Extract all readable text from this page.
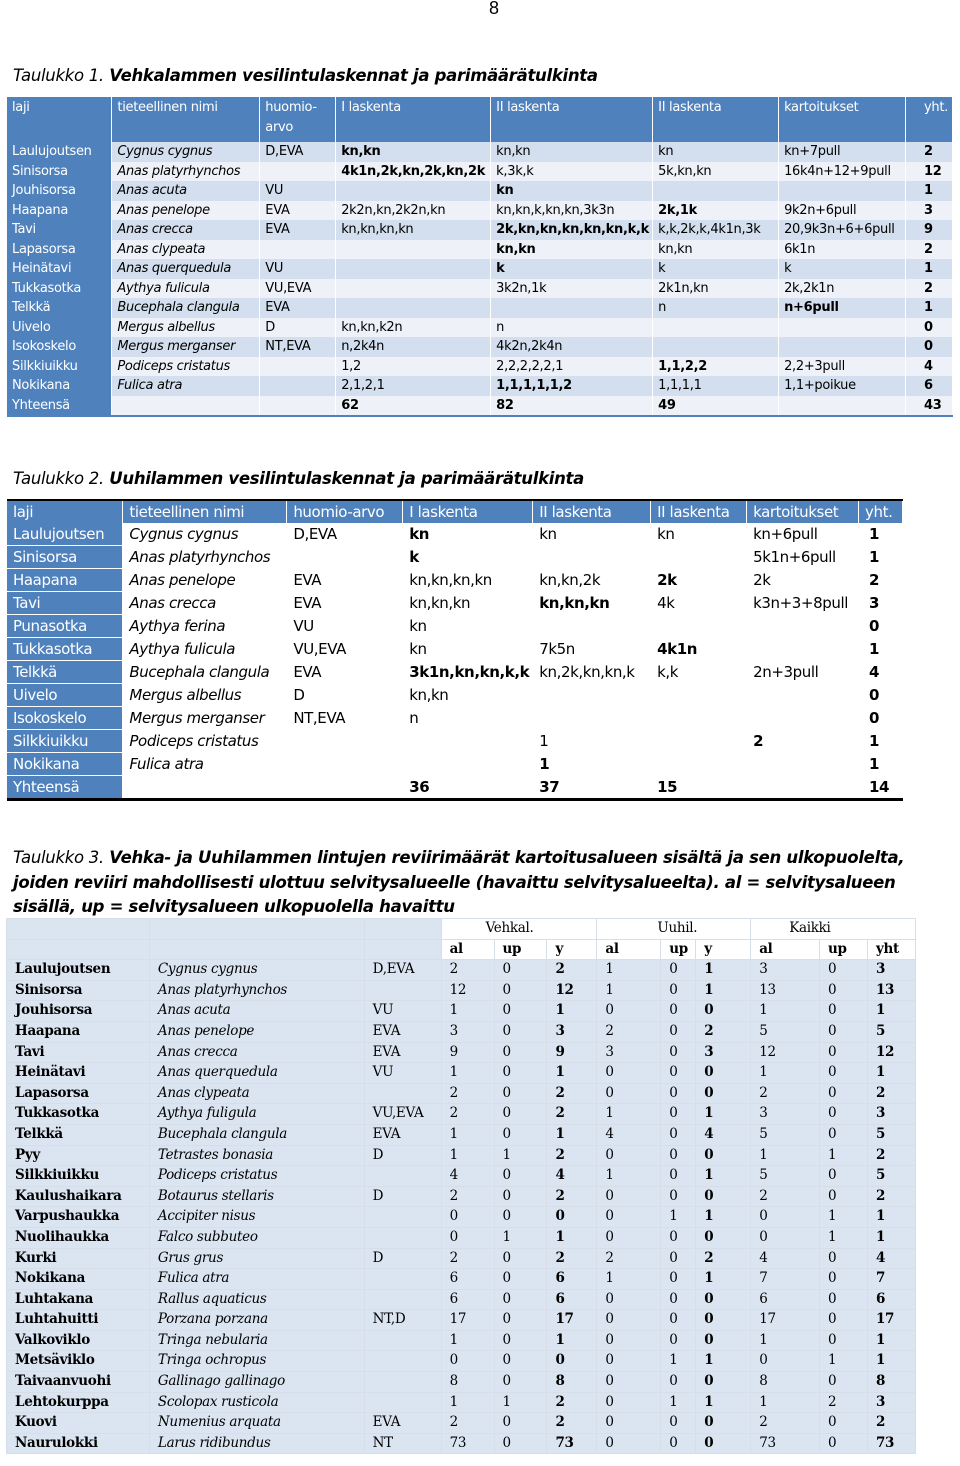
8
Taulukko 1. Vehkalammen vesilintulaskennat ja parimäärätulkinta
laji	tieteellinen nimi	huomio-arvo	I laskenta	II laskenta	II laskenta	kartoitukset	yht.
Laulujoutsen	Cygnus cygnus	D,EVA	kn,kn	kn,kn	kn	kn+7pull	2
Sinisorsa	Anas platyrhynchos		4k1n,2k,kn,2k,kn,2k	k,3k,k	5k,kn,kn	16k4n+12+9pull	12
Jouhisorsa	Anas acuta	VU		kn			1
Haapana	Anas penelope	EVA	2k2n,kn,2k2n,kn	kn,kn,k,kn,kn,3k3n	2k,1k	9k2n+6pull	3
Tavi	Anas crecca	EVA	kn,kn,kn,kn	2k,kn,kn,kn,kn,kn,k,k	k,k,2k,k,4k1n,3k	20,9k3n+6+6pull	9
Lapasorsa	Anas clypeata			kn,kn	kn,kn	6k1n	2
Heinätavi	Anas querquedula	VU		k	k	k	1
Tukkasotka	Aythya fulicula	VU,EVA		3k2n,1k	2k1n,kn	2k,2k1n	2
Telkkä	Bucephala clangula	EVA			n	n+6pull	1
Uivelo	Mergus albellus	D	kn,kn,k2n	n			0
Isokoskelo	Mergus merganser	NT,EVA	n,2k4n	4k2n,2k4n			0
Silkkiuikku	Podiceps cristatus		1,2	2,2,2,2,2,1	1,1,2,2	2,2+3pull	4
Nokikana	Fulica atra		2,1,2,1	1,1,1,1,1,2	1,1,1,1	1,1+poikue	6
Yhteensä			62	82	49		43
Taulukko 2. Uuhilammen vesilintulaskennat ja parimäärätulkinta
laji	tieteellinen nimi	huomio-arvo	I laskenta	II laskenta	II laskenta	kartoitukset	yht.
Laulujoutsen	Cygnus cygnus	D,EVA	kn	kn	kn	kn+6pull	1
Sinisorsa	Anas platyrhynchos		k			5k1n+6pull	1
Haapana	Anas penelope	EVA	kn,kn,kn,kn	kn,kn,2k	2k	2k	2
Tavi	Anas crecca	EVA	kn,kn,kn	kn,kn,kn	4k	k3n+3+8pull	3
Punasotka	Aythya ferina	VU	kn				0
Tukkasotka	Aythya fulicula	VU,EVA	kn	7k5n	4k1n		1
Telkkä	Bucephala clangula	EVA	3k1n,kn,kn,k,k	kn,2k,kn,kn,k	k,k	2n+3pull	4
Uivelo	Mergus albellus	D	kn,kn				0
Isokoskelo	Mergus merganser	NT,EVA	n				0
Silkkiuikku	Podiceps cristatus			1		2	1
Nokikana	Fulica atra			1			1
Yhteensä			36	37	15		14
Taulukko 3. Vehka- ja Uuhilammen lintujen reviirimäärät kartoitusalueen sisältä ja sen ulkopuolelta, joiden reviiri mahdollisesti ulottuu selvitysalueelle (havaittu selvitysalueelta). al = selvitysalueen sisällä, up = selvitysalueen ulkopuolella havaittu
			Vehkal.			Uuhil.			Kaikki		
			al	up	y	al	up	y	al	up	yht
Laulujoutsen	Cygnus cygnus	D,EVA	2	0	2	1	0	1	3	0	3
Sinisorsa	Anas platyrhynchos		12	0	12	1	0	1	13	0	13
Jouhisorsa	Anas acuta	VU	1	0	1	0	0	0	1	0	1
Haapana	Anas penelope	EVA	3	0	3	2	0	2	5	0	5
Tavi	Anas crecca	EVA	9	0	9	3	0	3	12	0	12
Heinätavi	Anas querquedula	VU	1	0	1	0	0	0	1	0	1
Lapasorsa	Anas clypeata		2	0	2	0	0	0	2	0	2
Tukkasotka	Aythya fuligula	VU,EVA	2	0	2	1	0	1	3	0	3
Telkkä	Bucephala clangula	EVA	1	0	1	4	0	4	5	0	5
Pyy	Tetrastes bonasia	D	1	1	2	0	0	0	1	1	2
Silkkiuikku	Podiceps cristatus		4	0	4	1	0	1	5	0	5
Kaulushaikara	Botaurus stellaris	D	2	0	2	0	0	0	2	0	2
Varpushaukka	Accipiter nisus		0	0	0	0	1	1	0	1	1
Nuolihaukka	Falco subbuteo		0	1	1	0	0	0	0	1	1
Kurki	Grus grus	D	2	0	2	2	0	2	4	0	4
Nokikana	Fulica atra		6	0	6	1	0	1	7	0	7
Luhtakana	Rallus aquaticus		6	0	6	0	0	0	6	0	6
Luhtahuitti	Porzana porzana	NT,D	17	0	17	0	0	0	17	0	17
Valkoviklo	Tringa nebularia		1	0	1	0	0	0	1	0	1
Metsäviklo	Tringa ochropus		0	0	0	0	1	1	0	1	1
Taivaanvuohi	Gallinago gallinago		8	0	8	0	0	0	8	0	8
Lehtokurppa	Scolopax rusticola		1	1	2	0	1	1	1	2	3
Kuovi	Numenius arquata	EVA	2	0	2	0	0	0	2	0	2
Naurulokki	Larus ridibundus	NT	73	0	73	0	0	0	73	0	73
